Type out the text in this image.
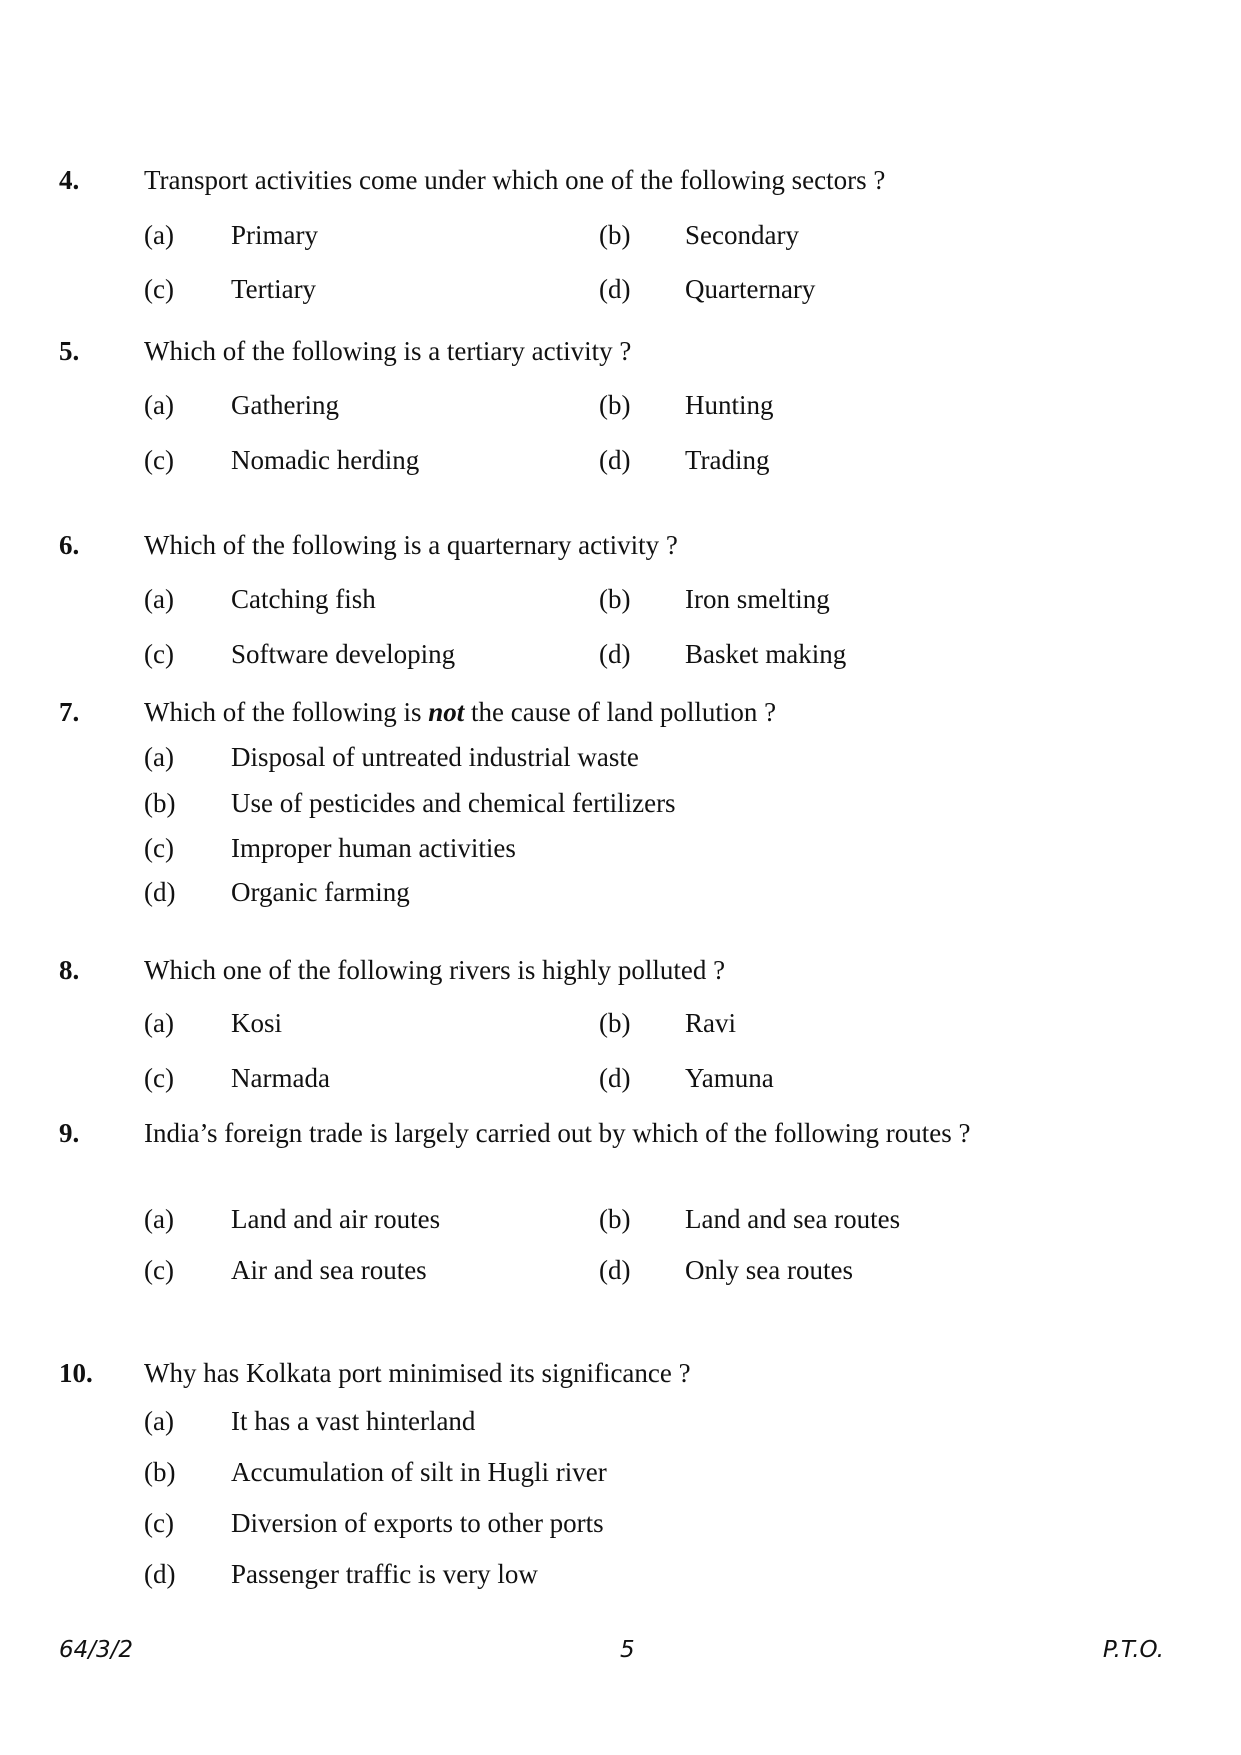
4. Transport activities come under which one of the following sectors ?
(a) Primary	(b) Secondary
(c) Tertiary	(d) Quarternary
5. Which of the following is a tertiary activity ?
(a) Gathering	(b) Hunting
(c) Nomadic herding	(d) Trading
6. Which of the following is a quarternary activity ?
(a) Catching fish	(b) Iron smelting
(c) Software developing	(d) Basket making
7. Which of the following is not the cause of land pollution ?
(a) Disposal of untreated industrial waste
(b) Use of pesticides and chemical fertilizers
(c) Improper human activities
(d) Organic farming
8. Which one of the following rivers is highly polluted ?
(a) Kosi	(b) Ravi
(c) Narmada	(d) Yamuna
9. India’s foreign trade is largely carried out by which of the following routes ?
(a) Land and air routes	(b) Land and sea routes
(c) Air and sea routes	(d) Only sea routes
10. Why has Kolkata port minimised its significance ?
(a) It has a vast hinterland
(b) Accumulation of silt in Hugli river
(c) Diversion of exports to other ports
(d) Passenger traffic is very low
64/3/2	5	P.T.O.
